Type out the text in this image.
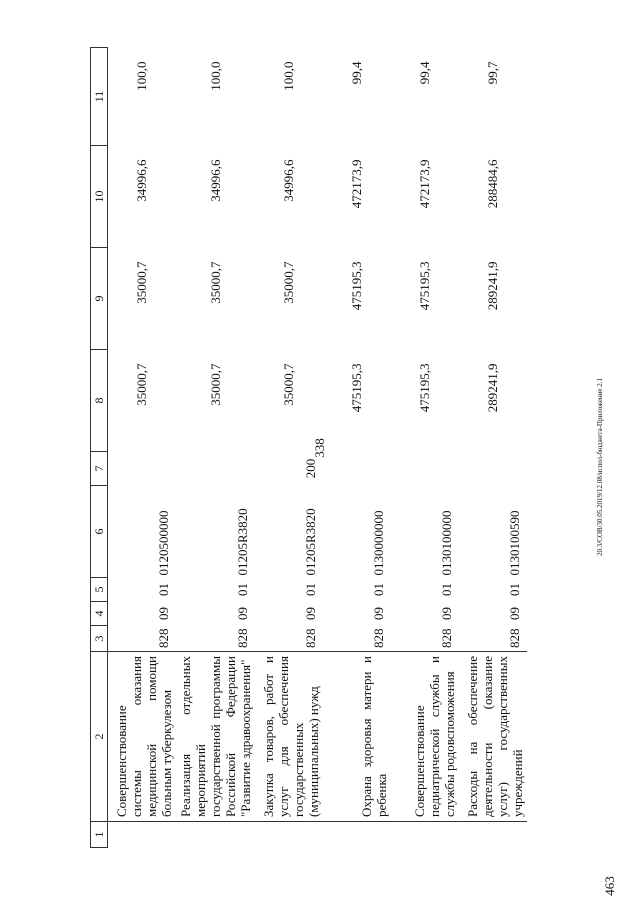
338
1	2	3	4	5	6	7	8	9	10	11
	Совершенствование системы оказания медицинской помощи больным туберкулезом	828	09	01	0120500000		35000,7	35000,7	34996,6	100,0
	Реализация отдельных мероприятий государственной программы Российской Федерации "Развитие здравоохранения"	828	09	01	01205R3820		35000,7	35000,7	34996,6	100,0
	Закупка товаров, работ и услуг для обеспечения государственных (муниципальных) нужд	828	09	01	01205R3820	200	35000,7	35000,7	34996,6	100,0
	Охрана здоровья матери и ребенка	828	09	01	0130000000		475195,3	475195,3	472173,9	99,4
	Совершенствование педиатрической службы и службы родовспоможения	828	09	01	0130100000		475195,3	475195,3	472173,9	99,4
	Расходы на обеспечение деятельности (оказание услуг) государственных учреждений	828	09	01	0130100590		289241,9	289241,9	288484,6	99,7
20.3/СОВ/30.05.2019/12.08/испол-бюджета-Приложение 2.1
463
